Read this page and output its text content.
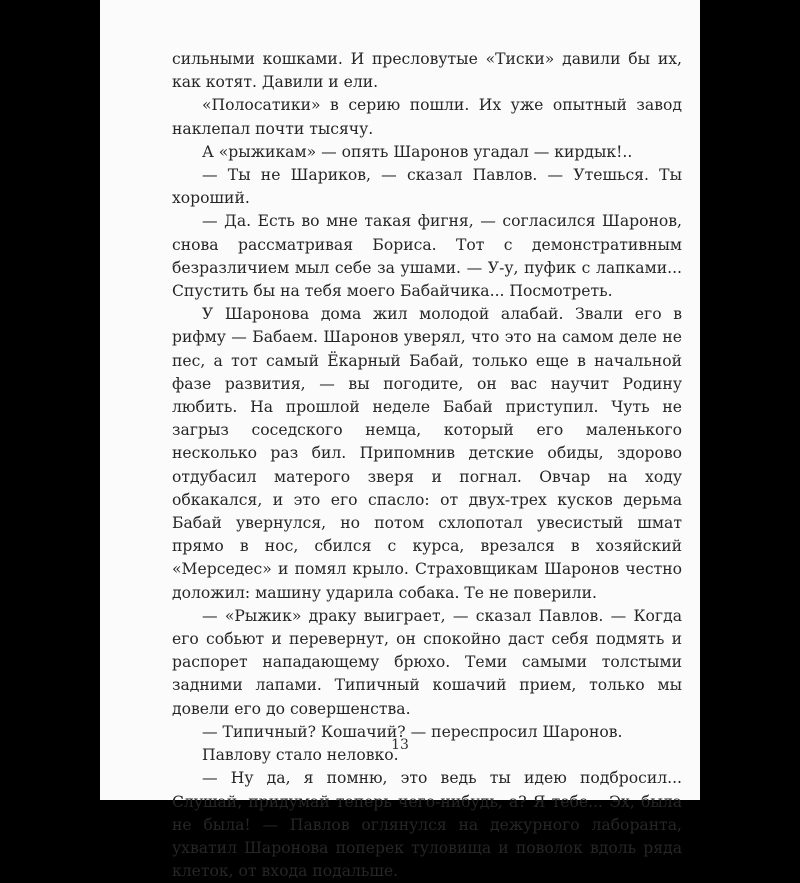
сильными кошками. И пресловутые «Тиски» давили бы их, как котят. Давили и ели.

«Полосатики» в серию пошли. Их уже опытный завод наклепал почти тысячу.

А «рыжикам» — опять Шаронов угадал — кирдык!..

— Ты не Шариков, — сказал Павлов. — Утешься. Ты хороший.

— Да. Есть во мне такая фигня, — согласился Шаронов, снова рассматривая Бориса. Тот с демонстративным безразличием мыл себе за ушами. — У-у, пуфик с лапками... Спустить бы на тебя моего Бабайчика... Посмотреть.

У Шаронова дома жил молодой алабай. Звали его в рифму — Бабаем. Шаронов уверял, что это на самом деле не пес, а тот самый Ёкарный Бабай, только еще в начальной фазе развития, — вы погодите, он вас научит Родину любить. На прошлой неделе Бабай приступил. Чуть не загрыз соседского немца, который его маленького несколько раз бил. Припомнив детские обиды, здорово отдубасил матерого зверя и погнал. Овчар на ходу обкакался, и это его спасло: от двух-трех кусков дерьма Бабай увернулся, но потом схлопотал увесистый шмат прямо в нос, сбился с курса, врезался в хозяйский «Мерседес» и помял крыло. Страховщикам Шаронов честно доложил: машину ударила собака. Те не поверили.

— «Рыжик» драку выиграет, — сказал Павлов. — Когда его собьют и перевернут, он спокойно даст себя подмять и распорет нападающему брюхо. Теми самыми толстыми задними лапами. Типичный кошачий прием, только мы довели его до совершенства.

— Типичный? Кошачий? — переспросил Шаронов.

Павлову стало неловко.

— Ну да, я помню, это ведь ты идею подбросил... Слушай, придумай теперь чего-нибудь, а? Я тебе... Эх, была не была! — Павлов оглянулся на дежурного лаборанта, ухватил Шаронова поперек туловища и поволок вдоль ряда клеток, от входа подальше.

13
